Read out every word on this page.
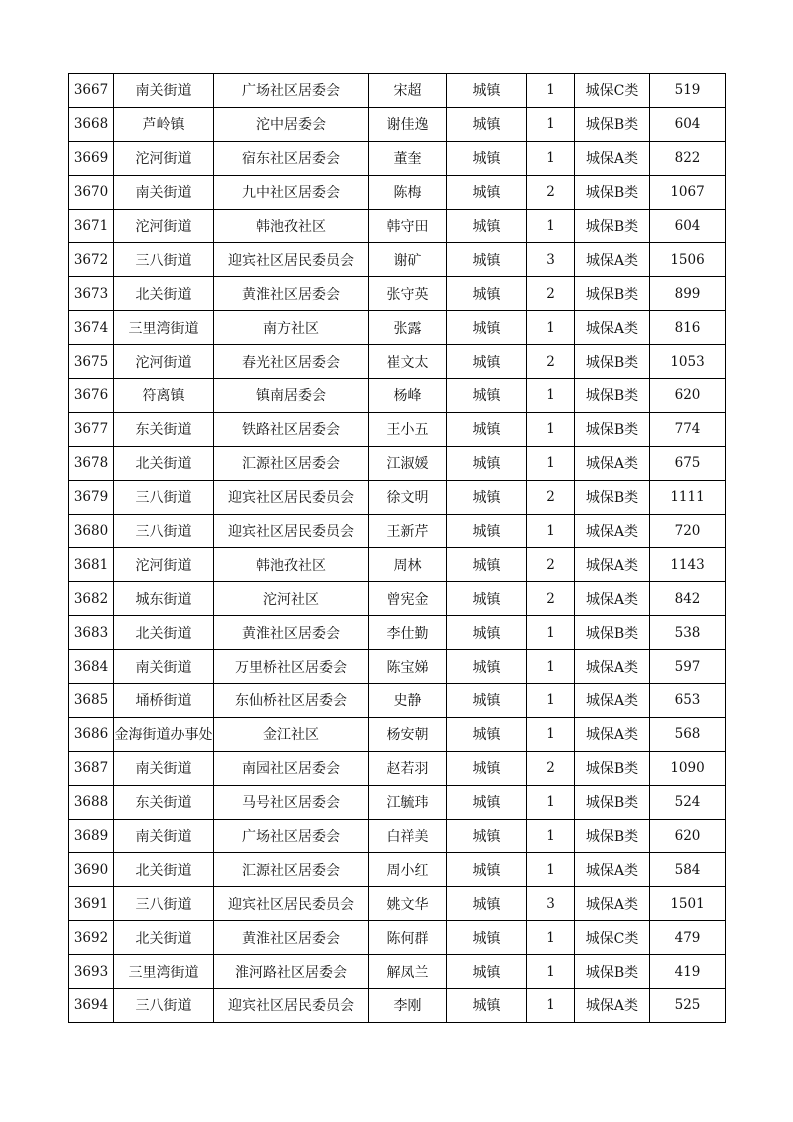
3667	南关街道	广场社区居委会	宋超	城镇	1	城保C类	519
3668	芦岭镇	沱中居委会	谢佳逸	城镇	1	城保B类	604
3669	沱河街道	宿东社区居委会	董奎	城镇	1	城保A类	822
3670	南关街道	九中社区居委会	陈梅	城镇	2	城保B类	1067
3671	沱河街道	韩池孜社区	韩守田	城镇	1	城保B类	604
3672	三八街道	迎宾社区居民委员会	谢矿	城镇	3	城保A类	1506
3673	北关街道	黄淮社区居委会	张守英	城镇	2	城保B类	899
3674	三里湾街道	南方社区	张露	城镇	1	城保A类	816
3675	沱河街道	春光社区居委会	崔文太	城镇	2	城保B类	1053
3676	符离镇	镇南居委会	杨峰	城镇	1	城保B类	620
3677	东关街道	铁路社区居委会	王小五	城镇	1	城保B类	774
3678	北关街道	汇源社区居委会	江淑媛	城镇	1	城保A类	675
3679	三八街道	迎宾社区居民委员会	徐文明	城镇	2	城保B类	1111
3680	三八街道	迎宾社区居民委员会	王新芹	城镇	1	城保A类	720
3681	沱河街道	韩池孜社区	周林	城镇	2	城保A类	1143
3682	城东街道	沱河社区	曾宪金	城镇	2	城保A类	842
3683	北关街道	黄淮社区居委会	李仕勤	城镇	1	城保B类	538
3684	南关街道	万里桥社区居委会	陈宝娣	城镇	1	城保A类	597
3685	埇桥街道	东仙桥社区居委会	史静	城镇	1	城保A类	653
3686	金海街道办事处	金江社区	杨安朝	城镇	1	城保A类	568
3687	南关街道	南园社区居委会	赵若羽	城镇	2	城保B类	1090
3688	东关街道	马号社区居委会	江毓玮	城镇	1	城保B类	524
3689	南关街道	广场社区居委会	白祥美	城镇	1	城保B类	620
3690	北关街道	汇源社区居委会	周小红	城镇	1	城保A类	584
3691	三八街道	迎宾社区居民委员会	姚文华	城镇	3	城保A类	1501
3692	北关街道	黄淮社区居委会	陈何群	城镇	1	城保C类	479
3693	三里湾街道	淮河路社区居委会	解凤兰	城镇	1	城保B类	419
3694	三八街道	迎宾社区居民委员会	李刚	城镇	1	城保A类	525
